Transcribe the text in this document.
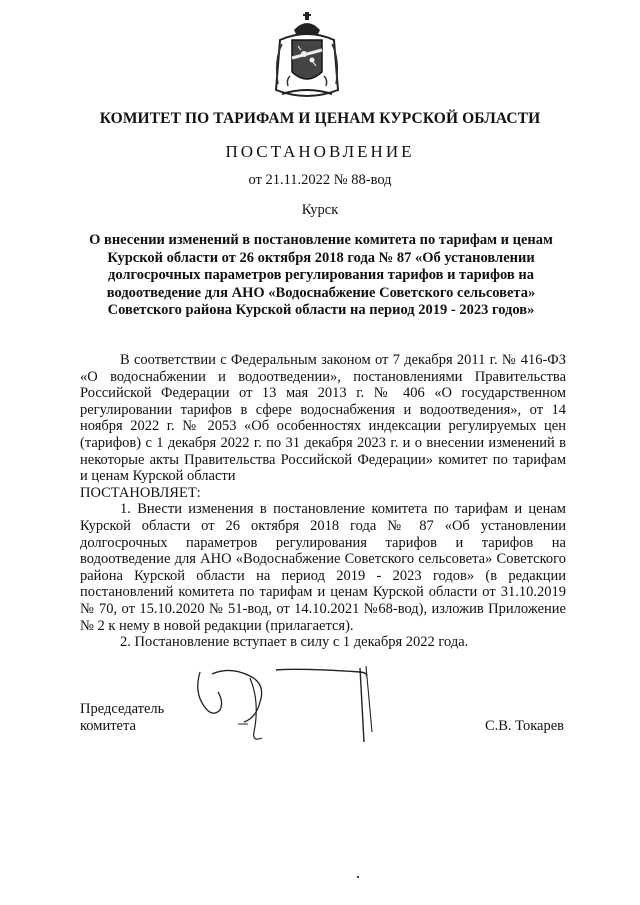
КОМИТЕТ ПО ТАРИФАМ И ЦЕНАМ КУРСКОЙ ОБЛАСТИ
ПОСТАНОВЛЕНИЕ
от 21.11.2022 № 88-вод
Курск
О внесении изменений в постановление комитета по тарифам и ценам Курской области от 26 октября 2018 года № 87 «Об установлении долгосрочных параметров регулирования тарифов и тарифов на водоотведение для АНО «Водоснабжение Советского сельсовета» Советского района Курской области на период 2019 - 2023 годов»

В соответствии с Федеральным законом от 7 декабря 2011 г. № 416-ФЗ «О водоснабжении и водоотведении», постановлениями Правительства Российской Федерации от 13 мая 2013 г. № 406 «О государственном регулировании тарифов в сфере водоснабжения и водоотведения», от 14 ноября 2022 г. № 2053 «Об особенностях индексации регулируемых цен (тарифов) с 1 декабря 2022 г. по 31 декабря 2023 г. и о внесении изменений в некоторые акты Правительства Российской Федерации» комитет по тарифам и ценам Курской области

ПОСТАНОВЛЯЕТ:

1. Внести изменения в постановление комитета по тарифам и ценам Курской области от 26 октября 2018 года № 87 «Об установлении долгосрочных параметров регулирования тарифов и тарифов на водоотведение для АНО «Водоснабжение Советского сельсовета» Советского района Курской области на период 2019 - 2023 годов» (в редакции постановлений комитета по тарифам и ценам Курской области от 31.10.2019 № 70, от 15.10.2020 № 51-вод, от 14.10.2021 №68-вод), изложив Приложение № 2 к нему в новой редакции (прилагается).

2. Постановление вступает в силу с 1 декабря 2022 года.

Председатель
комитета	С.В. Токарев
